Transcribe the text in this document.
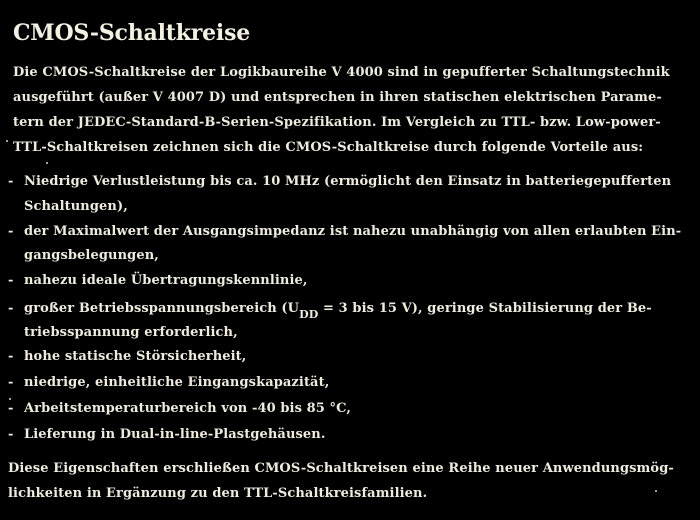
CMOS-Schaltkreise
Die CMOS-Schaltkreise der Logikbaureihe V 4000 sind in gepufferter Schaltungstechnik
ausgeführt (außer V 4007 D) und entsprechen in ihren statischen elektrischen Parame-
tern der JEDEC-Standard-B-Serien-Spezifikation. Im Vergleich zu TTL- bzw. Low-power-
TTL-Schaltkreisen zeichnen sich die CMOS-Schaltkreise durch folgende Vorteile aus:
- Niedrige Verlustleistung bis ca. 10 MHz (ermöglicht den Einsatz in batteriegepufferten
Schaltungen),
- der Maximalwert der Ausgangsimpedanz ist nahezu unabhängig von allen erlaubten Ein-
gangsbelegungen,
- nahezu ideale Übertragungskennlinie,
- großer Betriebsspannungsbereich ($U_{DD} = 3$ bis 15 V), geringe Stabilisierung der Be-
triebsspannung erforderlich,
- hohe statische Störsicherheit,
- niedrige, einheitliche Eingangskapazität,
- Arbeitstemperaturbereich von -40 bis 85 °C,
- Lieferung in Dual-in-line-Plastgehäusen.
Diese Eigenschaften erschließen CMOS-Schaltkreisen eine Reihe neuer Anwendungsmög-
lichkeiten in Ergänzung zu den TTL-Schaltkreisfamilien.
